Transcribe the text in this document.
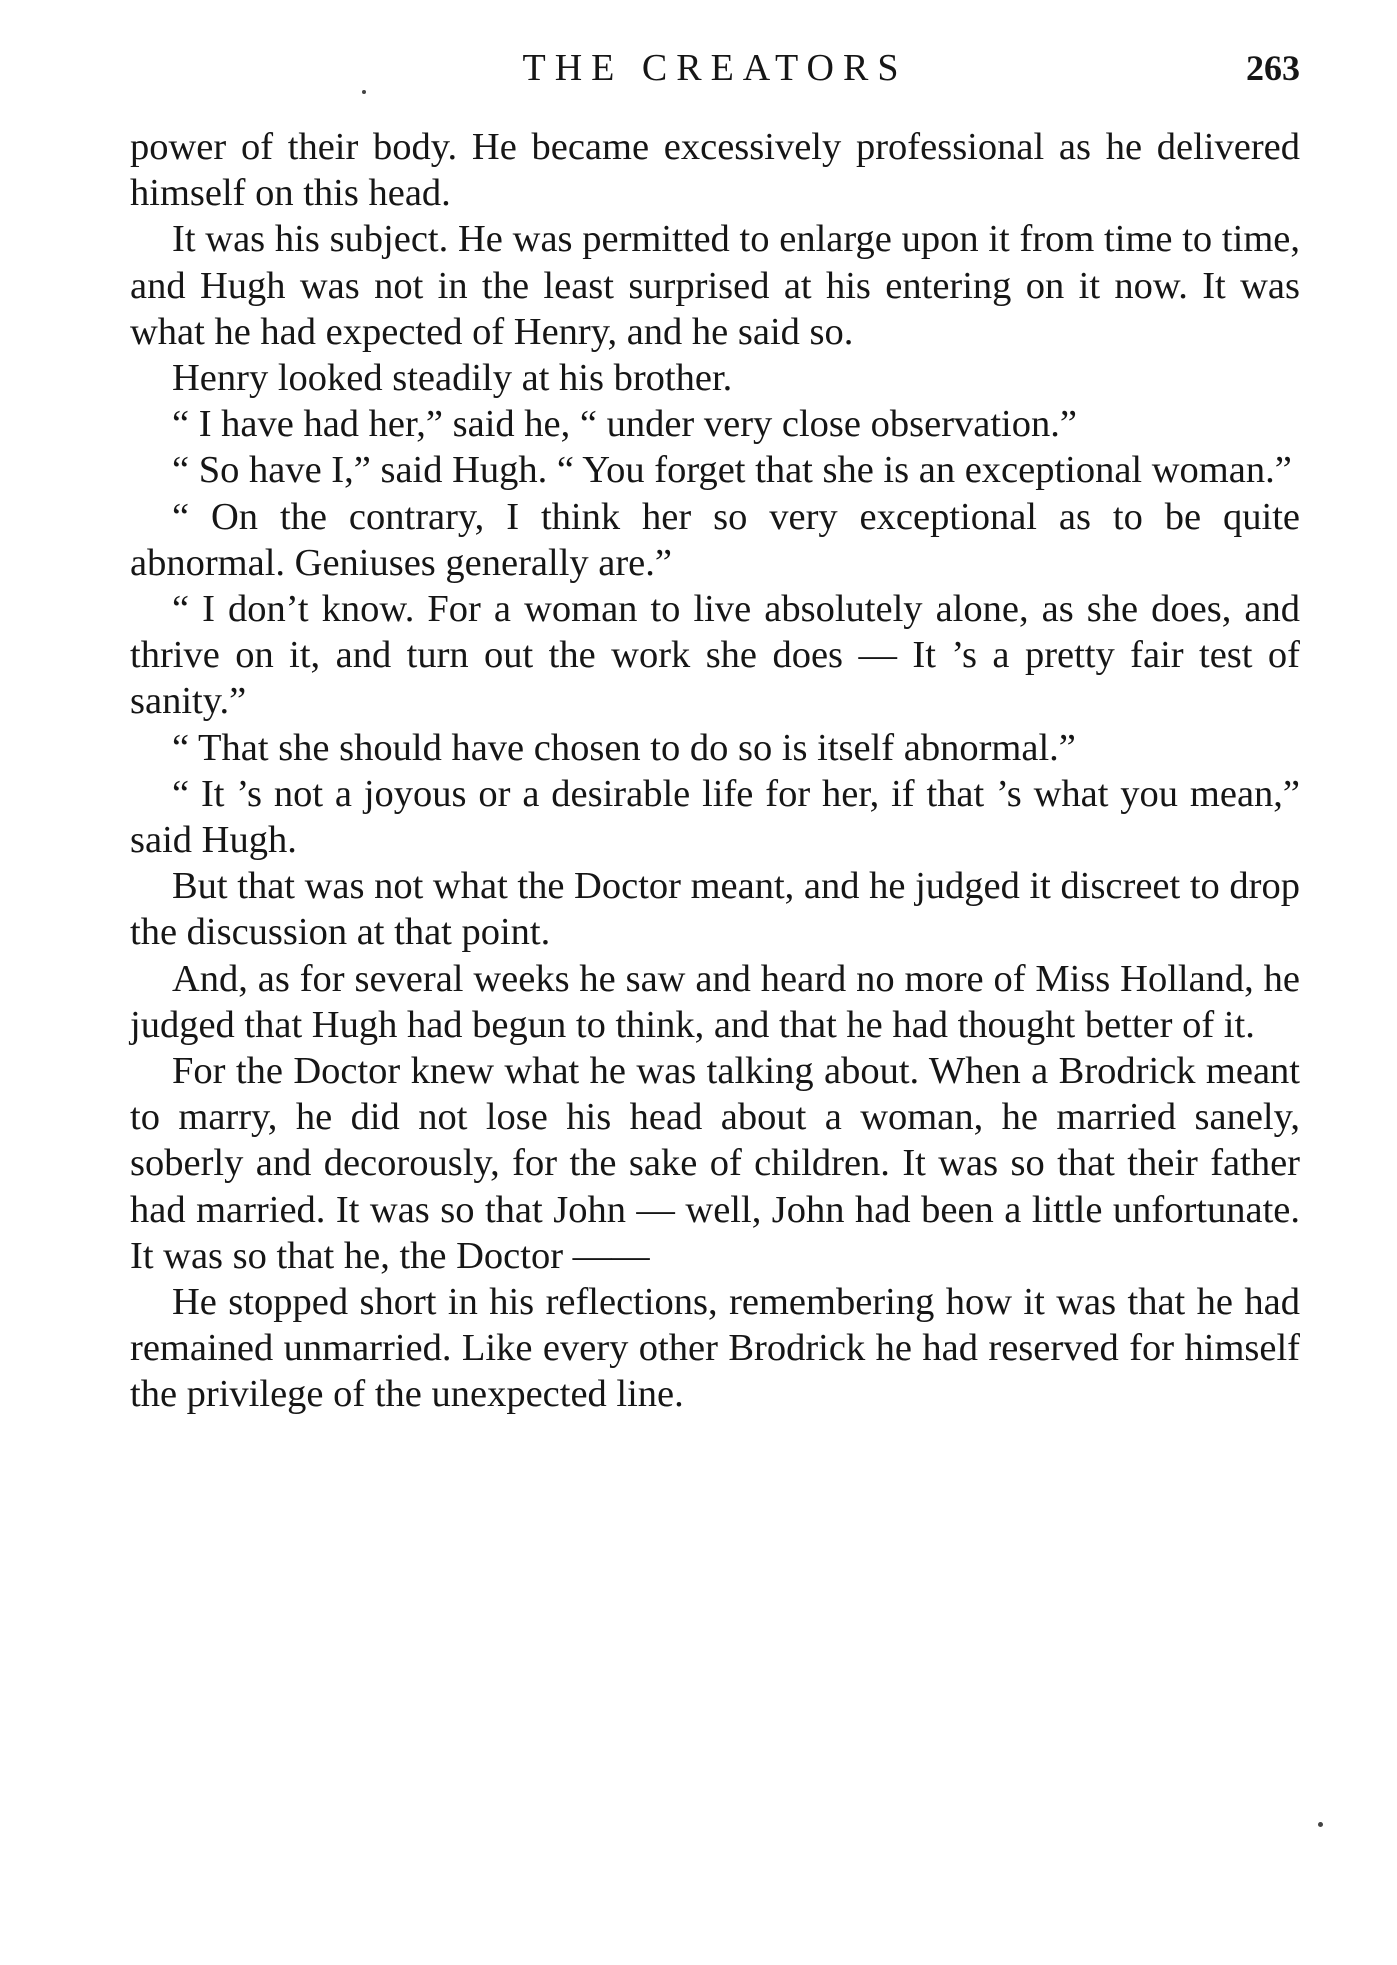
THE CREATORS	263

power of their body. He became excessively professional as he delivered himself on this head.

It was his subject. He was permitted to enlarge upon it from time to time, and Hugh was not in the least surprised at his entering on it now. It was what he had expected of Henry, and he said so.

Henry looked steadily at his brother.

“ I have had her,” said he, “ under very close observation.”

“ So have I,” said Hugh. “ You forget that she is an exceptional woman.”

“ On the contrary, I think her so very exceptional as to be quite abnormal. Geniuses generally are.”

“ I don’t know. For a woman to live absolutely alone, as she does, and thrive on it, and turn out the work she does — It ’s a pretty fair test of sanity.”

“ That she should have chosen to do so is itself abnormal.”

“ It ’s not a joyous or a desirable life for her, if that ’s what you mean,” said Hugh.

But that was not what the Doctor meant, and he judged it discreet to drop the discussion at that point.

And, as for several weeks he saw and heard no more of Miss Holland, he judged that Hugh had begun to think, and that he had thought better of it.

For the Doctor knew what he was talking about. When a Brodrick meant to marry, he did not lose his head about a woman, he married sanely, soberly and decorously, for the sake of children. It was so that their father had married. It was so that John — well, John had been a little unfortunate. It was so that he, the Doctor ——

He stopped short in his reflections, remembering how it was that he had remained unmarried. Like every other Brodrick he had reserved for himself the privilege of the unexpected line.
